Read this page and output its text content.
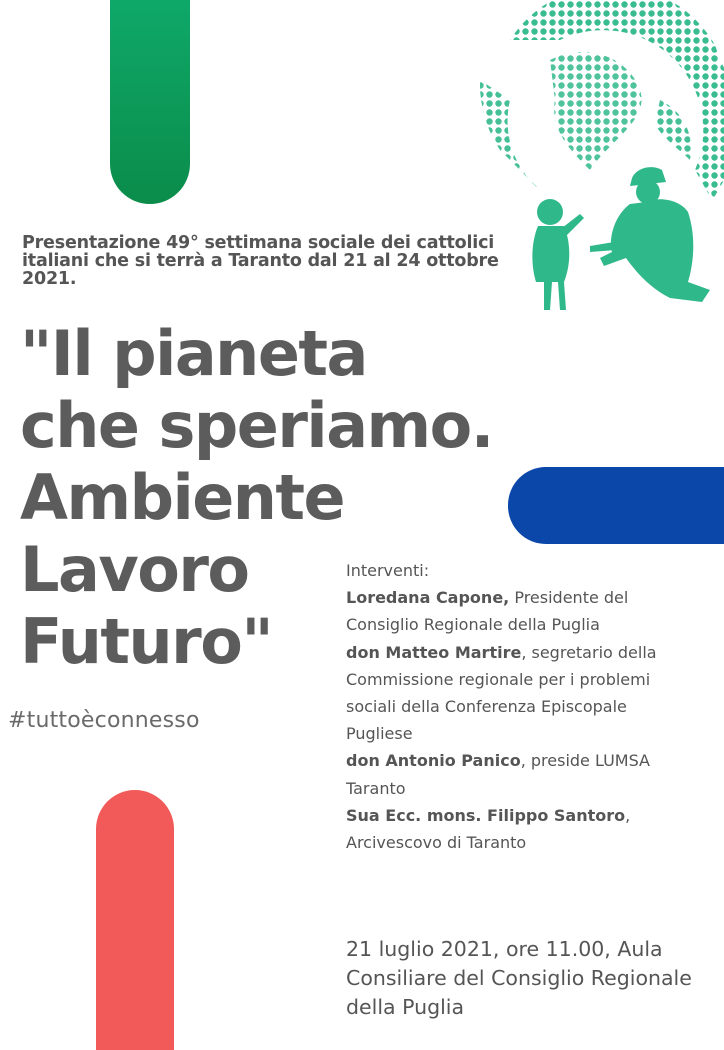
Presentazione 49° settimana sociale dei cattolici
italiani che si terrà a Taranto dal 21 al 24 ottobre
2021.
"Il pianeta
che speriamo.
Ambiente
Lavoro
Futuro"
#tuttoèconnesso
Interventi:
Loredana Capone, Presidente del
Consiglio Regionale della Puglia
don Matteo Martire, segretario della
Commissione regionale per i problemi
sociali della Conferenza Episcopale
Pugliese
don Antonio Panico, preside LUMSA
Taranto
Sua Ecc. mons. Filippo Santoro,
Arcivescovo di Taranto
21 luglio 2021, ore 11.00, Aula
Consiliare del Consiglio Regionale
della Puglia
